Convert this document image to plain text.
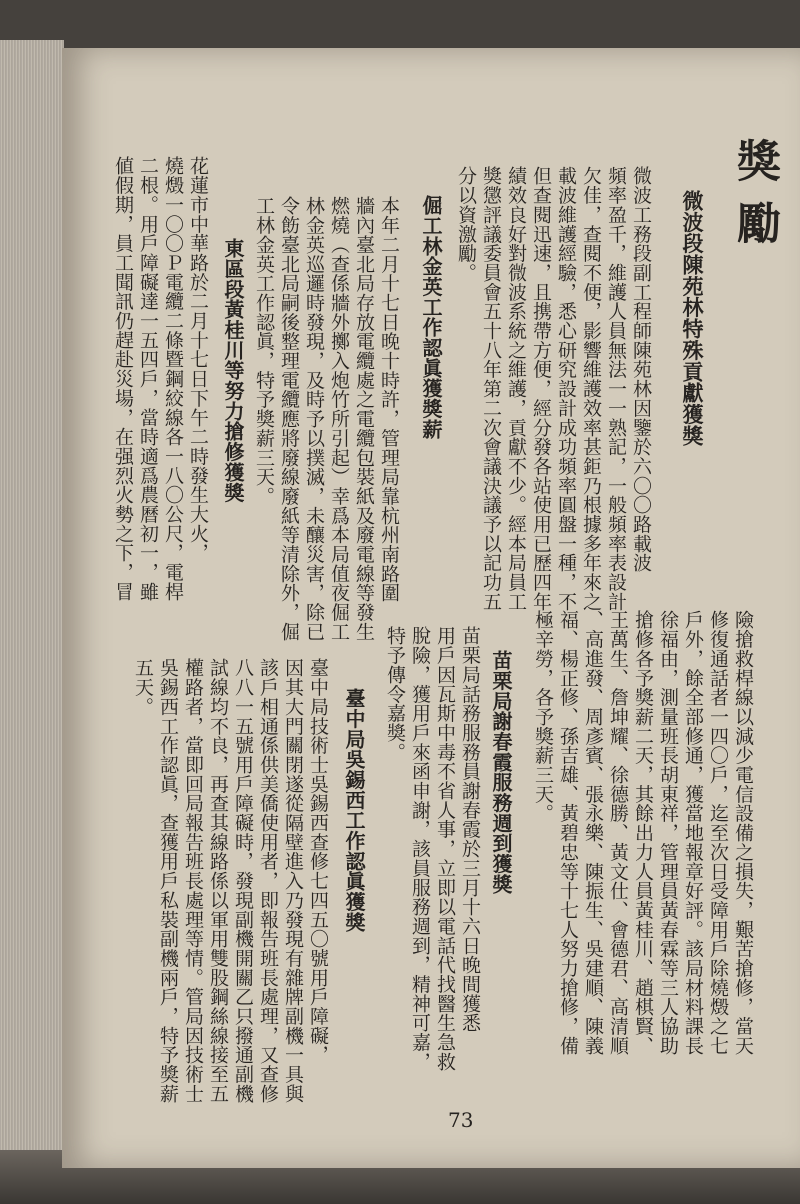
獎勵
微波段陳苑林特殊貢獻獲獎
微波工務段副工程師陳苑林因鑒於六〇〇路載波
頻率盈千，維護人員無法一一熟記，一般頻率表設計
欠佳，查閱不便，影響維護效率甚鉅乃根據多年來之
載波維護經驗，悉心研究設計成功頻率圓盤一種，不
但查閱迅速，且携帶方便，經分發各站使用已歷四年
績效良好對微波系統之維護，貢獻不少。經本局員工
獎懲評議委員會五十八年第二次會議決議予以記功五
分以資激勵。
倔工林金英工作認眞獲獎薪
本年二月十七日晚十時許，管理局靠杭州南路圍
牆內臺北局存放電纜處之電纜包裝紙及廢電線等發生
燃燒（查係牆外擲入炮竹所引起）幸爲本局值夜倔工
林金英巡邏時發現，及時予以撲滅，未釀災害，除已
令飭臺北局嗣後整理電纜應將廢線廢紙等清除外，倔
工林金英工作認眞，特予獎薪三天。
東區段黃桂川等努力搶修獲獎
花蓮市中華路於二月十七日下午二時發生大火，
燒燬一〇〇Ｐ電纜二條暨鋼絞線各一八〇公尺，電桿
二根。用戶障礙達一五四戶，當時適爲農曆初一，雖
値假期，員工聞訊仍趕赴災場，在强烈火勢之下，冒
險搶救桿線以減少電信設備之損失，艱苦搶修，當天
修復通話者一四〇戶，迄至次日受障用戶除燒燬之七
戶外，餘全部修通，獲當地報章好評。該局材料課長
徐福由，測量班長胡東祥，管理員黃春霖等三人協助
搶修各予獎薪二天，其餘出力人員黃桂川、趙棋賢、
王萬生、詹坤耀、徐德勝、黃文仕、會德君、高清順
、高進發、周彥賓、張永樂、陳振生、吳建順、陳義
福、楊正修、孫吉雄、黃碧忠等十七人努力搶修，備
極辛勞，各予獎薪三天。
苗栗局謝春霞服務週到獲獎
苗栗局話務服務員謝春霞於三月十六日晚間獲悉
用戶因瓦斯中毒不省人事，立即以電話代找醫生急救
脫險，獲用戶來函申謝，該員服務週到，精神可嘉，
特予傳令嘉獎。
臺中局吳錫西工作認眞獲獎
臺中局技術士吳錫西查修七四五〇號用戶障礙，
因其大門關閉遂從隔壁進入乃發現有雜牌副機一具與
該戶相通係供美僑使用者，即報告班長處理，又查修
八八一五號用戶障礙時，發現副機開關乙只撥通副機
試線均不良，再查其線路係以軍用雙股鋼絲線接至五
權路者，當即回局報告班長處理等情。管局因技術士
吳錫西工作認眞，查獲用戶私裝副機兩戶，特予獎薪
五天。
73
